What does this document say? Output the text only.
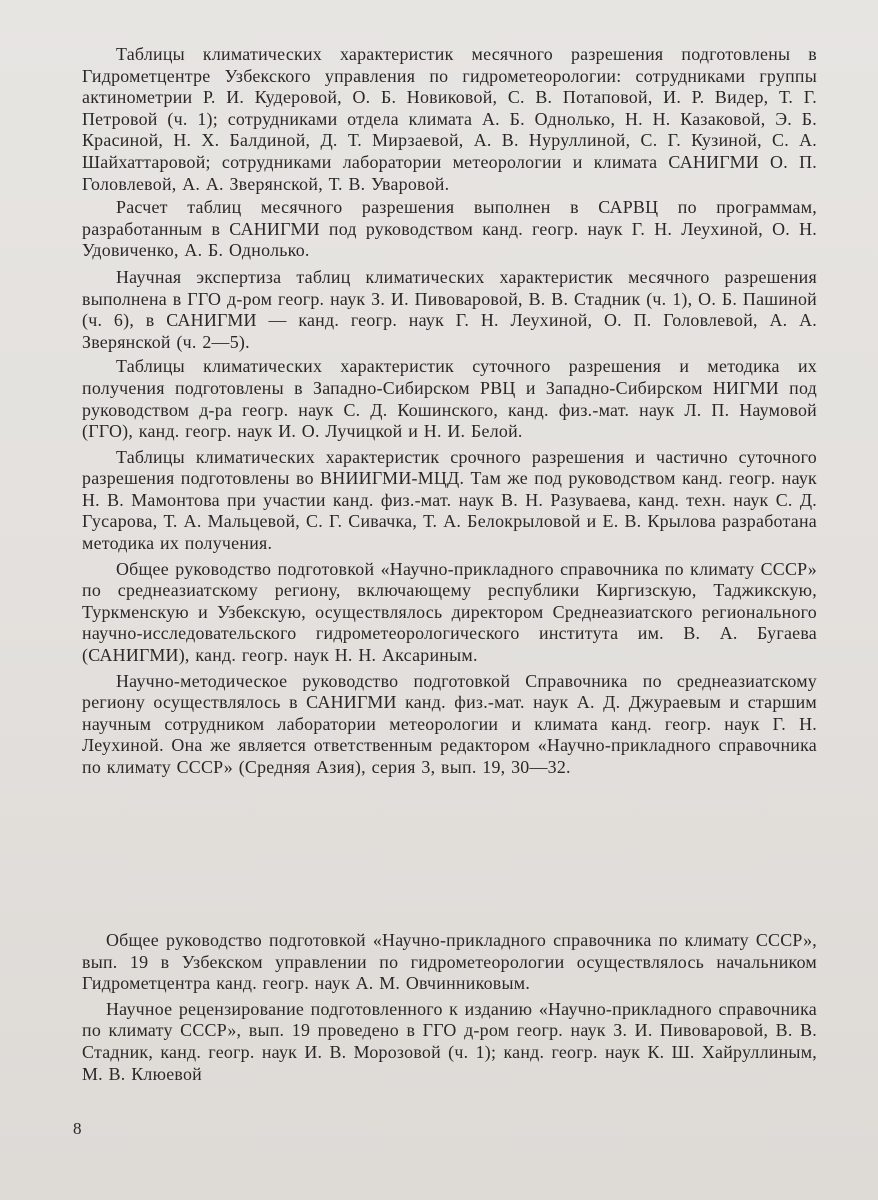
Таблицы климатических характеристик месячного разрешения подготовлены в Гидрометцентре Узбекского управления по гидрометеорологии: сотрудниками группы актинометрии Р. И. Кудеровой, О. Б. Новиковой, С. В. Потаповой, И. Р. Видер, Т. Г. Петровой (ч. 1); сотрудниками отдела климата А. Б. Однолько, Н. Н. Казаковой, Э. Б. Красиной, Н. Х. Балдиной, Д. Т. Мирзаевой, А. В. Нуруллиной, С. Г. Кузиной, С. А. Шайхаттаровой; сотрудниками лаборатории метеорологии и климата САНИГМИ О. П. Головлевой, А. А. Зверянской, Т. В. Уваровой.

Расчет таблиц месячного разрешения выполнен в САРВЦ по программам, разработанным в САНИГМИ под руководством канд. геогр. наук Г. Н. Леухиной, О. Н. Удовиченко, А. Б. Однолько.

Научная экспертиза таблиц климатических характеристик месячного разрешения выполнена в ГГО д-ром геогр. наук З. И. Пивоваровой, В. В. Стадник (ч. 1), О. Б. Пашиной (ч. 6), в САНИГМИ — канд. геогр. наук Г. Н. Леухиной, О. П. Головлевой, А. А. Зверянской (ч. 2—5).

Таблицы климатических характеристик суточного разрешения и методика их получения подготовлены в Западно-Сибирском РВЦ и Западно-Сибирском НИГМИ под руководством д-ра геогр. наук С. Д. Кошинского, канд. физ.-мат. наук Л. П. Наумовой (ГГО), канд. геогр. наук И. О. Лучицкой и Н. И. Белой.

Таблицы климатических характеристик срочного разрешения и частично суточного разрешения подготовлены во ВНИИГМИ-МЦД. Там же под руководством канд. геогр. наук Н. В. Мамонтова при участии канд. физ.-мат. наук В. Н. Разуваева, канд. техн. наук С. Д. Гусарова, Т. А. Мальцевой, С. Г. Сивачка, Т. А. Белокрыловой и Е. В. Крылова разработана методика их получения.

Общее руководство подготовкой «Научно-прикладного справочника по климату СССР» по среднеазиатскому региону, включающему республики Киргизскую, Таджикскую, Туркменскую и Узбекскую, осуществлялось директором Среднеазиатского регионального научно-исследовательского гидрометеорологического института им. В. А. Бугаева (САНИГМИ), канд. геогр. наук Н. Н. Аксариным.

Научно-методическое руководство подготовкой Справочника по среднеазиатскому региону осуществлялось в САНИГМИ канд. физ.-мат. наук А. Д. Джураевым и старшим научным сотрудником лаборатории метеорологии и климата канд. геогр. наук Г. Н. Леухиной. Она же является ответственным редактором «Научно-прикладного справочника по климату СССР» (Средняя Азия), серия 3, вып. 19, 30—32.

Общее руководство подготовкой «Научно-прикладного справочника по климату СССР», вып. 19 в Узбекском управлении по гидрометеорологии осуществлялось начальником Гидрометцентра канд. геогр. наук А. М. Овчинниковым.

Научное рецензирование подготовленного к изданию «Научно-прикладного справочника по климату СССР», вып. 19 проведено в ГГО д-ром геогр. наук З. И. Пивоваровой, В. В. Стадник, канд. геогр. наук И. В. Морозовой (ч. 1); канд. геогр. наук К. Ш. Хайруллиным, М. В. Клюевой

8
